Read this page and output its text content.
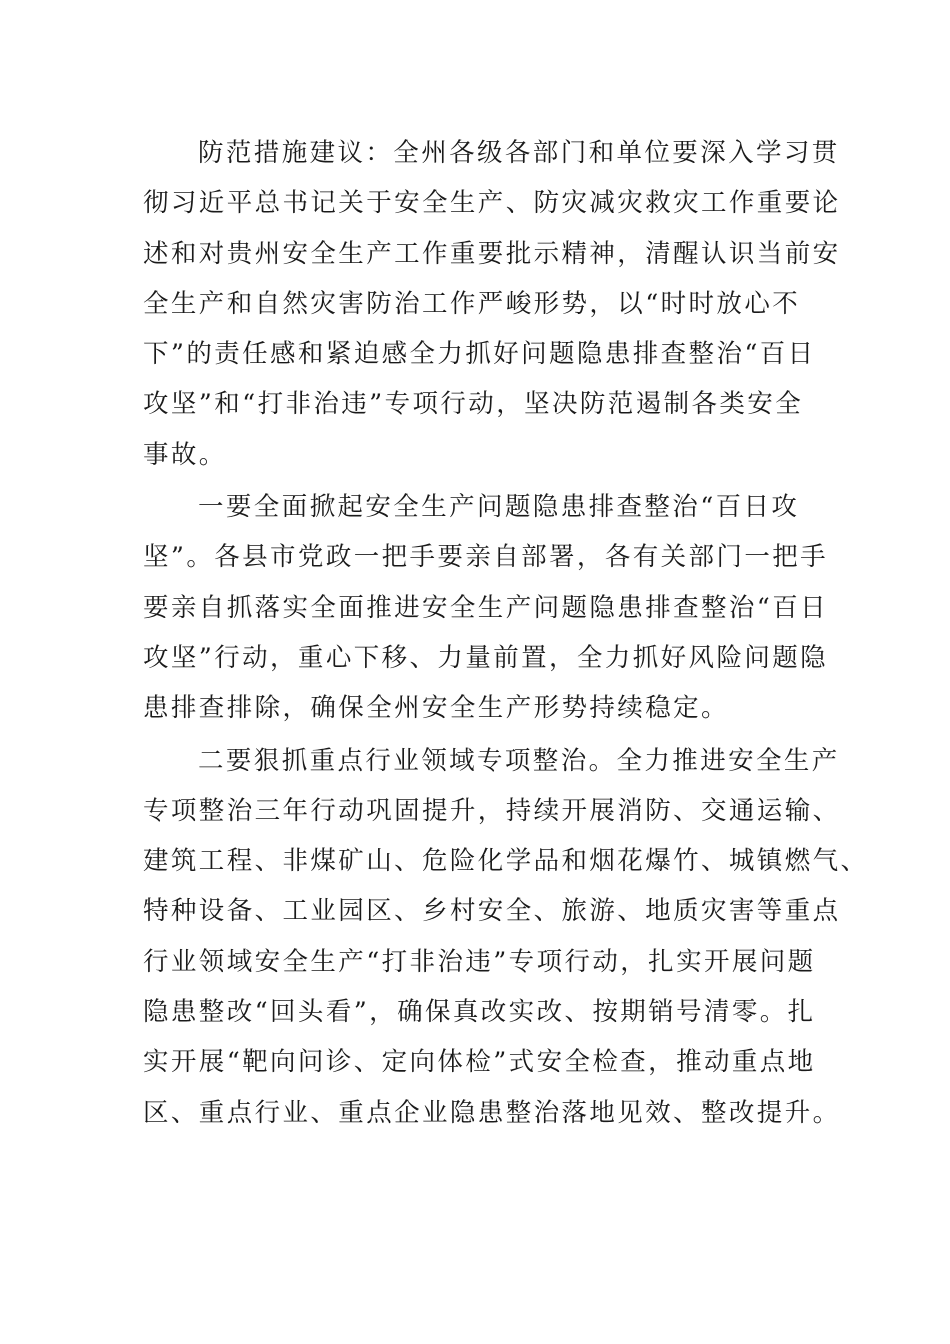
防范措施建议：全州各级各部门和单位要深入学习贯
彻习近平总书记关于安全生产、防灾减灾救灾工作重要论
述和对贵州安全生产工作重要批示精神，清醒认识当前安
全生产和自然灾害防治工作严峻形势，以“时时放心不
下”的责任感和紧迫感全力抓好问题隐患排查整治“百日
攻坚”和“打非治违”专项行动，坚决防范遏制各类安全
事故。
一要全面掀起安全生产问题隐患排查整治“百日攻
坚”。各县市党政一把手要亲自部署，各有关部门一把手
要亲自抓落实全面推进安全生产问题隐患排查整治“百日
攻坚”行动，重心下移、力量前置，全力抓好风险问题隐
患排查排除，确保全州安全生产形势持续稳定。
二要狠抓重点行业领域专项整治。全力推进安全生产
专项整治三年行动巩固提升，持续开展消防、交通运输、
建筑工程、非煤矿山、危险化学品和烟花爆竹、城镇燃气、
特种设备、工业园区、乡村安全、旅游、地质灾害等重点
行业领域安全生产“打非治违”专项行动，扎实开展问题
隐患整改“回头看”，确保真改实改、按期销号清零。扎
实开展“靶向问诊、定向体检”式安全检查，推动重点地
区、重点行业、重点企业隐患整治落地见效、整改提升。
